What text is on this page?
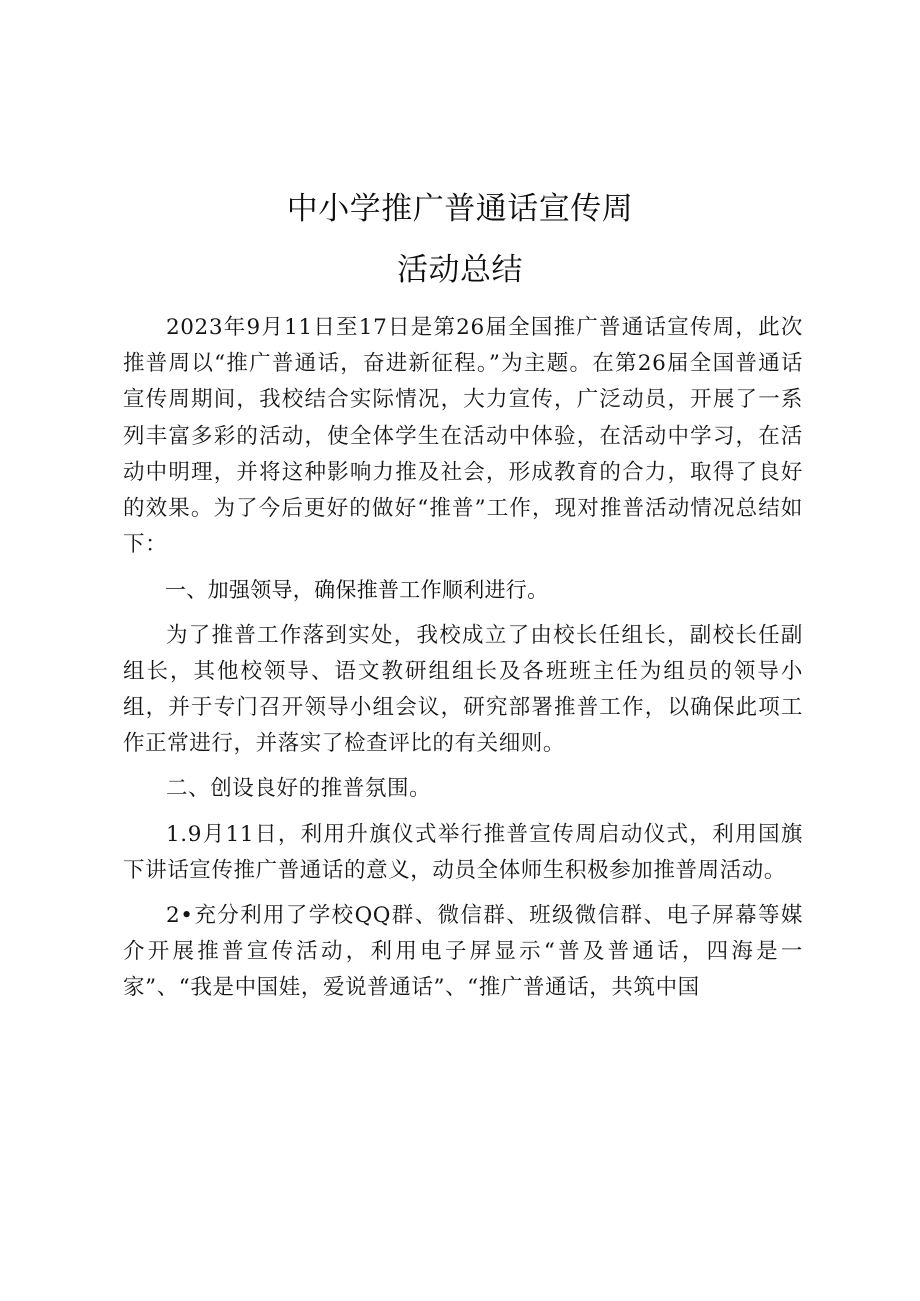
中小学推广普通话宣传周
活动总结

2023年9月11日至17日是第26届全国推广普通话宣传周，此次推普周以“推广普通话，奋进新征程。”为主题。在第26届全国普通话宣传周期间，我校结合实际情况，大力宣传，广泛动员，开展了一系列丰富多彩的活动，使全体学生在活动中体验，在活动中学习，在活动中明理，并将这种影响力推及社会，形成教育的合力，取得了良好的效果。为了今后更好的做好“推普”工作，现对推普活动情况总结如下：

一、加强领导，确保推普工作顺利进行。

为了推普工作落到实处，我校成立了由校长任组长，副校长任副组长，其他校领导、语文教研组组长及各班班主任为组员的领导小组，并于专门召开领导小组会议，研究部署推普工作，以确保此项工作正常进行，并落实了检查评比的有关细则。

二、创设良好的推普氛围。

1.9月11日，利用升旗仪式举行推普宣传周启动仪式，利用国旗下讲话宣传推广普通话的意义，动员全体师生积极参加推普周活动。

2•充分利用了学校QQ群、微信群、班级微信群、电子屏幕等媒介开展推普宣传活动，利用电子屏显示“普及普通话，四海是一家”、“我是中国娃，爱说普通话”、“推广普通话，共筑中国
